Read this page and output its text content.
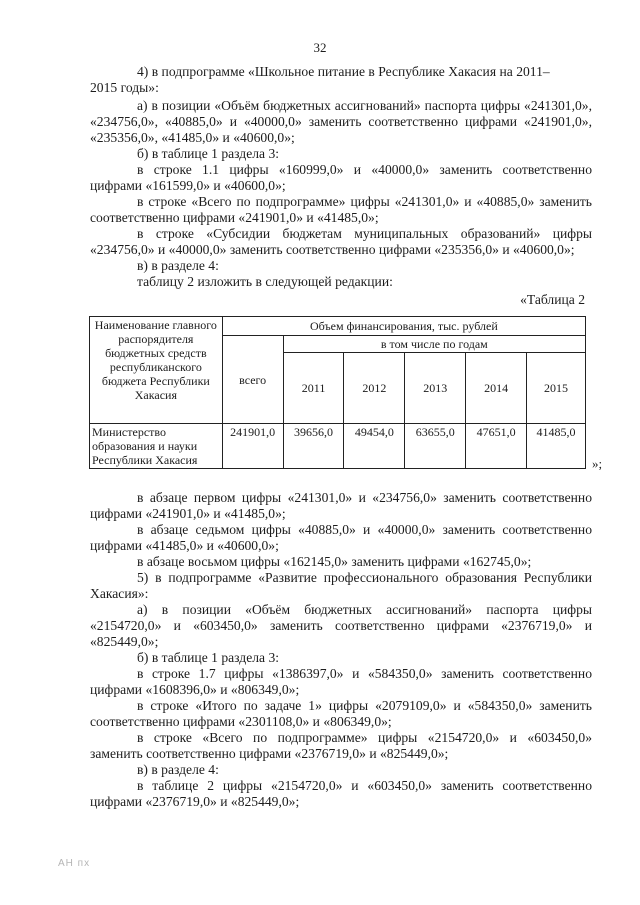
32
4) в подпрограмме «Школьное питание в Республике Хакасия на 2011–
2015 годы»:
а) в позиции «Объём бюджетных ассигнований» паспорта цифры «241301,0»,
«234756,0», «40885,0» и «40000,0» заменить соответственно цифрами «241901,0»,
«235356,0», «41485,0» и «40600,0»;
б) в таблице 1 раздела 3:
в строке 1.1 цифры «160999,0» и «40000,0» заменить соответственно
цифрами «161599,0» и «40600,0»;
в строке «Всего по подпрограмме» цифры «241301,0» и «40885,0» заменить
соответственно цифрами «241901,0» и «41485,0»;
в строке «Субсидии бюджетам муниципальных образований» цифры
«234756,0» и «40000,0» заменить соответственно цифрами «235356,0» и «40600,0»;
в) в разделе 4:
таблицу 2 изложить в следующей редакции:
«Таблица 2
Наименование главного распорядителя бюджетных средств республиканского бюджета Республики Хакасия	Объем финансирования, тыс. рублей					
	всего	в том числе по годам				
		2011	2012	2013	2014	2015
Министерство образования и науки Республики Хакасия	241901,0	39656,0	49454,0	63655,0	47651,0	41485,0
»;
в абзаце первом цифры «241301,0» и «234756,0» заменить соответственно
цифрами «241901,0» и «41485,0»;
в абзаце седьмом цифры «40885,0» и «40000,0» заменить соответственно
цифрами «41485,0» и «40600,0»;
в абзаце восьмом цифры «162145,0» заменить цифрами «162745,0»;
5) в подпрограмме «Развитие профессионального образования Республики
Хакасия»:
а) в позиции «Объём бюджетных ассигнований» паспорта цифры
«2154720,0» и «603450,0» заменить соответственно цифрами «2376719,0» и
«825449,0»;
б) в таблице 1 раздела 3:
в строке 1.7 цифры «1386397,0» и «584350,0» заменить соответственно
цифрами «1608396,0» и «806349,0»;
в строке «Итого по задаче 1» цифры «2079109,0» и «584350,0» заменить
соответственно цифрами «2301108,0» и «806349,0»;
в строке «Всего по подпрограмме» цифры «2154720,0» и «603450,0»
заменить соответственно цифрами «2376719,0» и «825449,0»;
в) в разделе 4:
в таблице 2 цифры «2154720,0» и «603450,0» заменить соответственно
цифрами «2376719,0» и «825449,0»;
АН пх
